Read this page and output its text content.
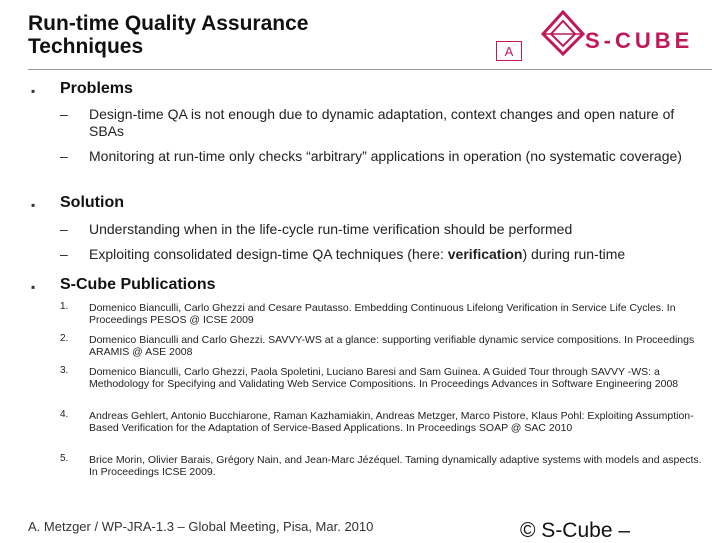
Run-time Quality Assurance
Techniques	A	S-CUBE
▪ Problems
– Design-time QA is not enough due to dynamic adaptation, context changes and open nature of SBAs
– Monitoring at run-time only checks “arbitrary” applications in operation (no systematic coverage)
▪ Solution
– Understanding when in the life-cycle run-time verification should be performed
– Exploiting consolidated design-time QA techniques (here: verification) during run-time
▪ S-Cube Publications
1. Domenico Bianculli, Carlo Ghezzi and Cesare Pautasso. Embedding Continuous Lifelong Verification in Service Life Cycles. In Proceedings PESOS @ ICSE 2009
2. Domenico Bianculli and Carlo Ghezzi. SAVVY-WS at a glance: supporting verifiable dynamic service compositions. In Proceedings ARAMIS @ ASE 2008
3. Domenico Bianculli, Carlo Ghezzi, Paola Spoletini, Luciano Baresi and Sam Guinea. A Guided Tour through SAVVY -WS: a Methodology for Specifying and Validating Web Service Compositions. In Proceedings Advances in Software Engineering 2008
4. Andreas Gehlert, Antonio Bucchiarone, Raman Kazhamiakin, Andreas Metzger, Marco Pistore, Klaus Pohl: Exploiting Assumption-Based Verification for the Adaptation of Service-Based Applications. In Proceedings SOAP @ SAC 2010
5. Brice Morin, Olivier Barais, Grégory Nain, and Jean-Marc Jézéquel. Taming dynamically adaptive systems with models and aspects. In Proceedings ICSE 2009.
A. Metzger / WP-JRA-1.3 – Global Meeting, Pisa, Mar. 2010	© S-Cube –
